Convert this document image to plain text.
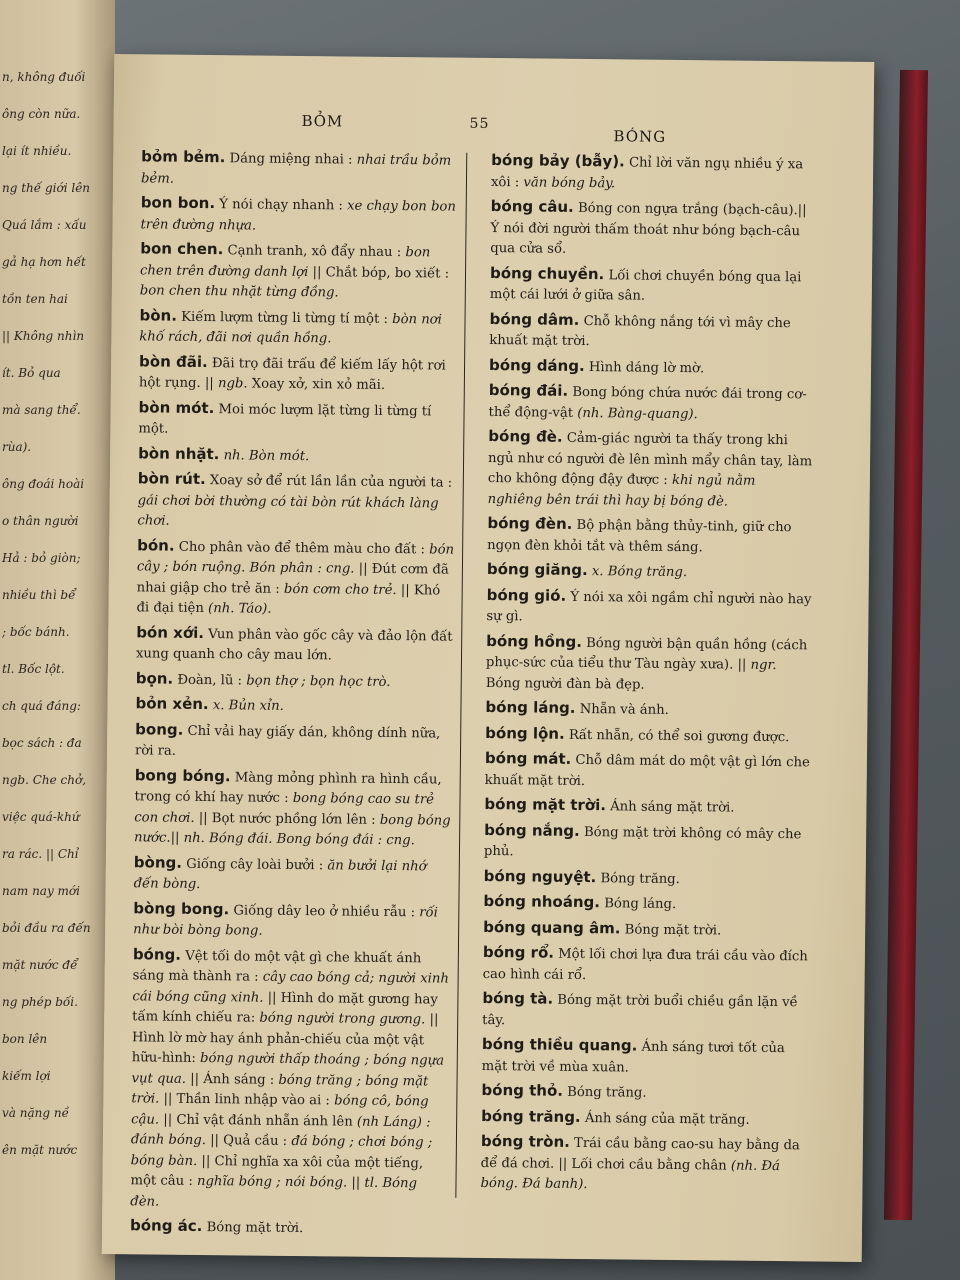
n, không đuối
ông còn nữa.
lại ít nhiều.
ng thế giới lên
Quá lắm : xấu
gả hạ hơn hết
tồn ten hai
|| Không nhìn
ít. Bỏ qua
mà sang thể.
rùa).
ông đoái hoài
o thân người
Hả : bỏ giòn;
nhiều thì bể
; bốc bánh.
tl. Bốc lột.
ch quá đáng:
bọc sách : đa
ngb. Che chở,
việc quá-khứ
ra rác. || Chỉ
nam nay mới
bỏi đầu ra đến
mặt nước để
ng phép bối.
bon lên
kiếm lợi
và nặng nề
ên mặt nước
BỎM	55
BÓNG
bỏm bẻm. Dáng miệng nhai : nhai trầu bỏm bẻm.
bon bon. Ý nói chạy nhanh : xe chạy bon bon trên đường nhựa.
bon chen. Cạnh tranh, xô đẩy nhau : bon chen trên đường danh lợi || Chắt bóp, bo xiết : bon chen thu nhặt từng đồng.
bòn. Kiếm lượm từng li từng tí một : bòn nơi khố rách, đãi nơi quần hồng.
bòn đãi. Đãi trọ đãi trấu để kiếm lấy hột rơi hột rụng. || ngb. Xoay xở, xin xỏ mãi.
bòn mót. Moi móc lượm lặt từng li từng tí một.
bòn nhặt. nh. Bòn mót.
bòn rút. Xoay sở để rút lần lần của người ta : gái chơi bời thường có tài bòn rút khách làng chơi.
bón. Cho phân vào để thêm màu cho đất : bón cây ; bón ruộng. Bón phân : cng. || Đút cơm đã nhai giập cho trẻ ăn : bón cơm cho trẻ. || Khó đi đại tiện (nh. Táo).
bón xới. Vun phân vào gốc cây và đảo lộn đất xung quanh cho cây mau lớn.
bọn. Đoàn, lũ : bọn thợ ; bọn học trò.
bỏn xẻn. x. Bủn xỉn.
bong. Chỉ vải hay giấy dán, không dính nữa, rời ra.
bong bóng. Màng mỏng phình ra hình cầu, trong có khí hay nước : bong bóng cao su trẻ con chơi. || Bọt nước phồng lớn lên : bong bóng nước.|| nh. Bóng đái. Bong bóng đái : cng.
bòng. Giống cây loài bưởi : ăn bưởi lại nhớ đến bòng.
bòng bong. Giống dây leo ở nhiều rẫu : rối như bòi bòng bong.
bóng. Vệt tối do một vật gì che khuất ánh sáng mà thành ra : cây cao bóng cả; người xinh cái bóng cũng xinh. || Hình do mặt gương hay tấm kính chiếu ra: bóng người trong gương. || Hình lờ mờ hay ánh phản-chiếu của một vật hữu-hình: bóng người thấp thoáng ; bóng ngựa vụt qua. || Ánh sáng : bóng trăng ; bóng mặt trời. || Thần linh nhập vào ai : bóng cô, bóng cậu. || Chỉ vật đánh nhẵn ánh lên (nh Láng) : đánh bóng. || Quả cầu : đá bóng ; chơi bóng ; bóng bàn. || Chỉ nghĩa xa xôi của một tiếng, một câu : nghĩa bóng ; nói bóng. || tl. Bóng đèn.
bóng ác. Bóng mặt trời.
bóng bảy (bẫy). Chỉ lời văn ngụ nhiều ý xa xôi : văn bóng bảy.
bóng câu. Bóng con ngựa trắng (bạch-câu).|| Ý nói đời người thấm thoát như bóng bạch-câu qua cửa sổ.
bóng chuyền. Lối chơi chuyền bóng qua lại một cái lưới ở giữa sân.
bóng dâm. Chỗ không nắng tới vì mây che khuất mặt trời.
bóng dáng. Hình dáng lờ mờ.
bóng đái. Bong bóng chứa nước đái trong cơ-thể động-vật (nh. Bàng-quang).
bóng đè. Cảm-giác người ta thấy trong khi ngủ như có người đè lên mình mẩy chân tay, làm cho không động đậy được : khi ngủ nằm nghiêng bên trái thì hay bị bóng đè.
bóng đèn. Bộ phận bằng thủy-tinh, giữ cho ngọn đèn khỏi tắt và thêm sáng.
bóng giăng. x. Bóng trăng.
bóng gió. Ý nói xa xôi ngầm chỉ người nào hay sự gì.
bóng hồng. Bóng người bận quần hồng (cách phục-sức của tiểu thư Tàu ngày xưa). || ngr. Bóng người đàn bà đẹp.
bóng láng. Nhẵn và ánh.
bóng lộn. Rất nhẵn, có thể soi gương được.
bóng mát. Chỗ dâm mát do một vật gì lớn che khuất mặt trời.
bóng mặt trời. Ánh sáng mặt trời.
bóng nắng. Bóng mặt trời không có mây che phủ.
bóng nguyệt. Bóng trăng.
bóng nhoáng. Bóng láng.
bóng quang âm. Bóng mặt trời.
bóng rổ. Một lối chơi lựa đưa trái cầu vào đích cao hình cái rổ.
bóng tà. Bóng mặt trời buổi chiều gần lặn về tây.
bóng thiều quang. Ánh sáng tươi tốt của mặt trời về mùa xuân.
bóng thỏ. Bóng trăng.
bóng trăng. Ánh sáng của mặt trăng.
bóng tròn. Trái cầu bằng cao-su hay bằng da để đá chơi. || Lối chơi cầu bằng chân (nh. Đá bóng. Đá banh).
